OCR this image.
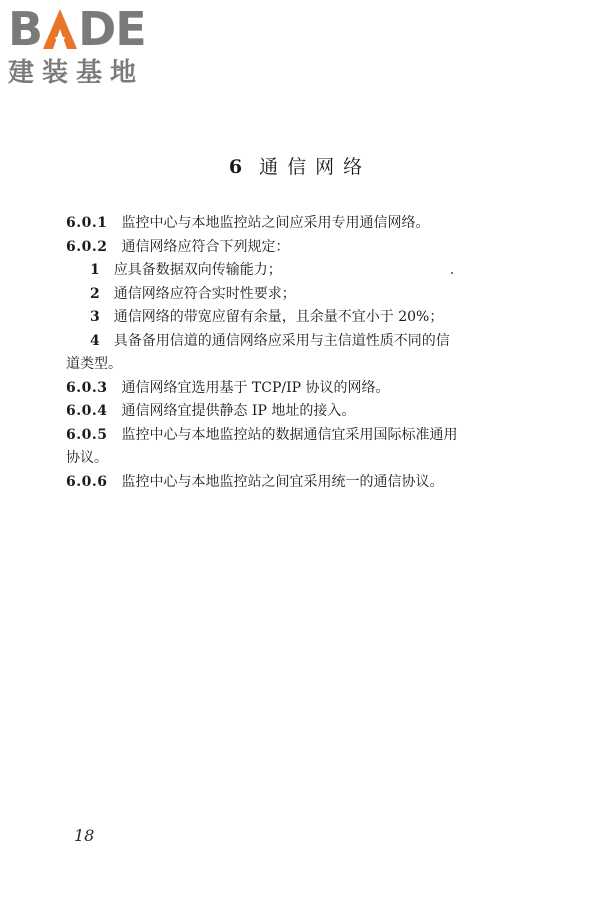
B DE
建装基地
6 通信网络

6.0.1 监控中心与本地监控站之间应采用专用通信网络。

6.0.2 通信网络应符合下列规定：

1 应具备数据双向传输能力；

2 通信网络应符合实时性要求；

3 通信网络的带宽应留有余量，且余量不宜小于 20%；

4 具备备用信道的通信网络应采用与主信道性质不同的信

道类型。

6.0.3 通信网络宜选用基于 TCP/IP 协议的网络。

6.0.4 通信网络宜提供静态 IP 地址的接入。

6.0.5 监控中心与本地监控站的数据通信宜采用国际标准通用

协议。

6.0.6 监控中心与本地监控站之间宜采用统一的通信协议。

18
